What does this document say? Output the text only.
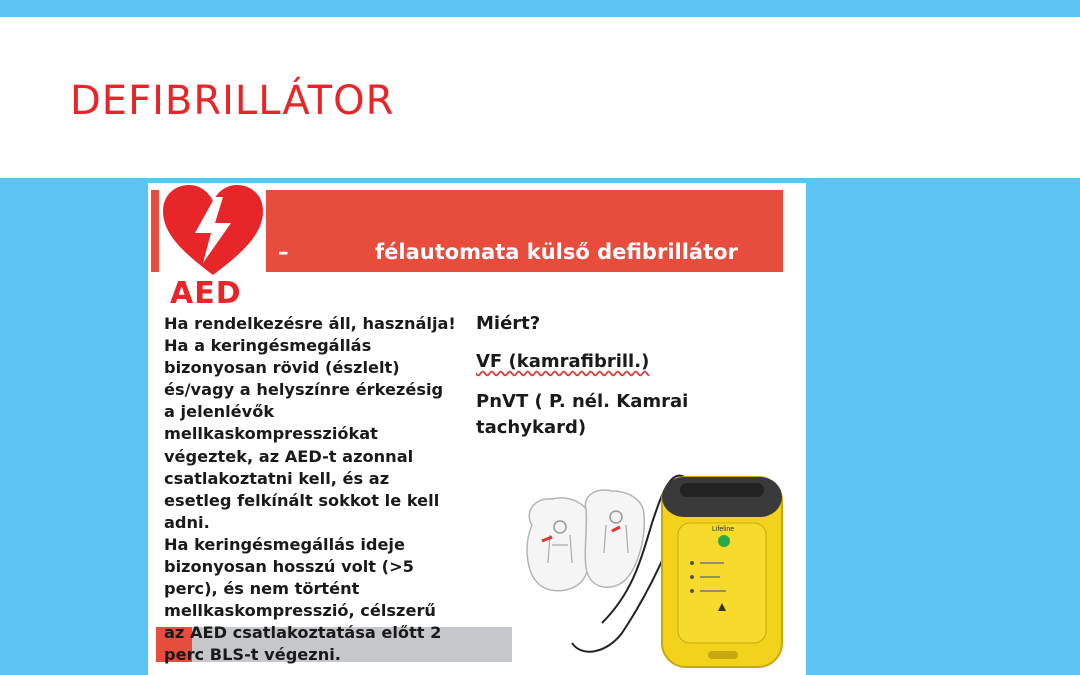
DEFIBRILLÁTOR

AED

–	félautomata külső defibrillátor

Ha rendelkezésre áll, használja!

Ha a keringésmegállás

bizonyosan rövid (észlelt)

és/vagy a helyszínre érkezésig

a jelenlévők

mellkaskompressziókat

végeztek, az AED-t azonnal

csatlakoztatni kell, és az

esetleg felkínált sokkot le kell

adni.

Ha keringésmegállás ideje

bizonyosan hosszú volt (>5

perc), és nem történt

mellkaskompresszió, célszerű

az AED csatlakoztatása előtt 2

perc BLS-t végezni.

Miért?

VF (kamrafibrill.)

PnVT ( P. nél. Kamrai tachykard)

Lifeline
